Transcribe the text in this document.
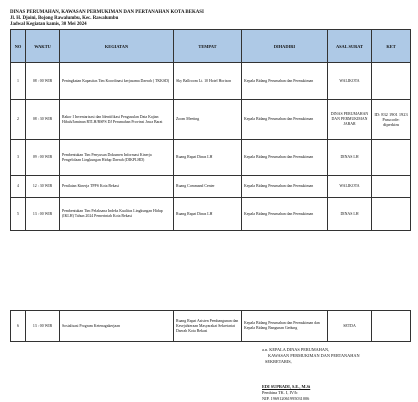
DINAS PERUMAHAN, KAWASAN PERMUKIMAN DAN PERTANAHAN KOTA BEKASI
Jl. H. Djoini, Bojong Rawalumbu, Kec. Rawalumbu
Jadwal Kegiatan kamis, 30 Mei 2024
NO	WAKTU	KEGIATAN	TEMPAT	DIHADIRI	ASAL SURAT	KET
1	08 : 00 WIB	Peningkatan Kapasitas Tim Koordinasi kerjasama Daerah ( TKKSD)	Sky Ballroom Lt. 10 Hotel Horison	Kepala Bidang Perumahan dan Permukiman	WALIKOTA	
2	08 : 30 WIB	Rakor I Inventarisasi dan Identifikasi Pengusulan Data Kajian Hibah/Jaminan RTLH/BSPS DJ Perumahan Provinsi Jawa Barat	Zoom Meeting	Kepala Bidang Perumahan dan Permukiman	DINAS PERUMAHAN DAN PERMUKIMAN JABAR	ID: 832 1901 1923 Passcode: diperkim
3	09 : 00 WIB	Pembentukan Tim Penyusun Dokumen Informasi Kinerja Pengelolaan Lingkungan Hidup Daerah (DIKPLHD)	Ruang Rapat Dinas LH	Kepala Bidang Perumahan dan Permukiman	DINAS LH	
4	12 : 30 WIB	Penilaian Kinerja TPPS Kota Bekasi	Ruang Command Center	Kepala Bidang Perumahan dan Permukiman	WALIKOTA	
5	13 : 00 WIB	Pembentukan Tim Pelaksana Indeks Kualitas Lingkungan Hidup (IKLH) Tahun 2024 Pemerintah Kota Bekasi	Ruang Rapat Dinas LH	Kepala Bidang Perumahan dan Permukiman	DINAS LH	
6	13 : 00 WIB	Sosialisasi Program Ketenagakerjaan	Ruang Rapat Asisten Pembangunan dan Kesejahteraan Masyarakat Sekretariat Daerah Kota Bekasi	Kepala Bidang Perumahan dan Permukiman dan Kepala Bidang Bangunan Gedung	SETDA	
a.n. KEPALA DINAS PERUMAHAN,
KAWASAN PERMUKIMAN DAN PERTANAHAN
SEKRETARIS,
EDI SUPRADI, S.E., M.Si
Pembina TK. I, IV/b
NIP. 196912061995031006
